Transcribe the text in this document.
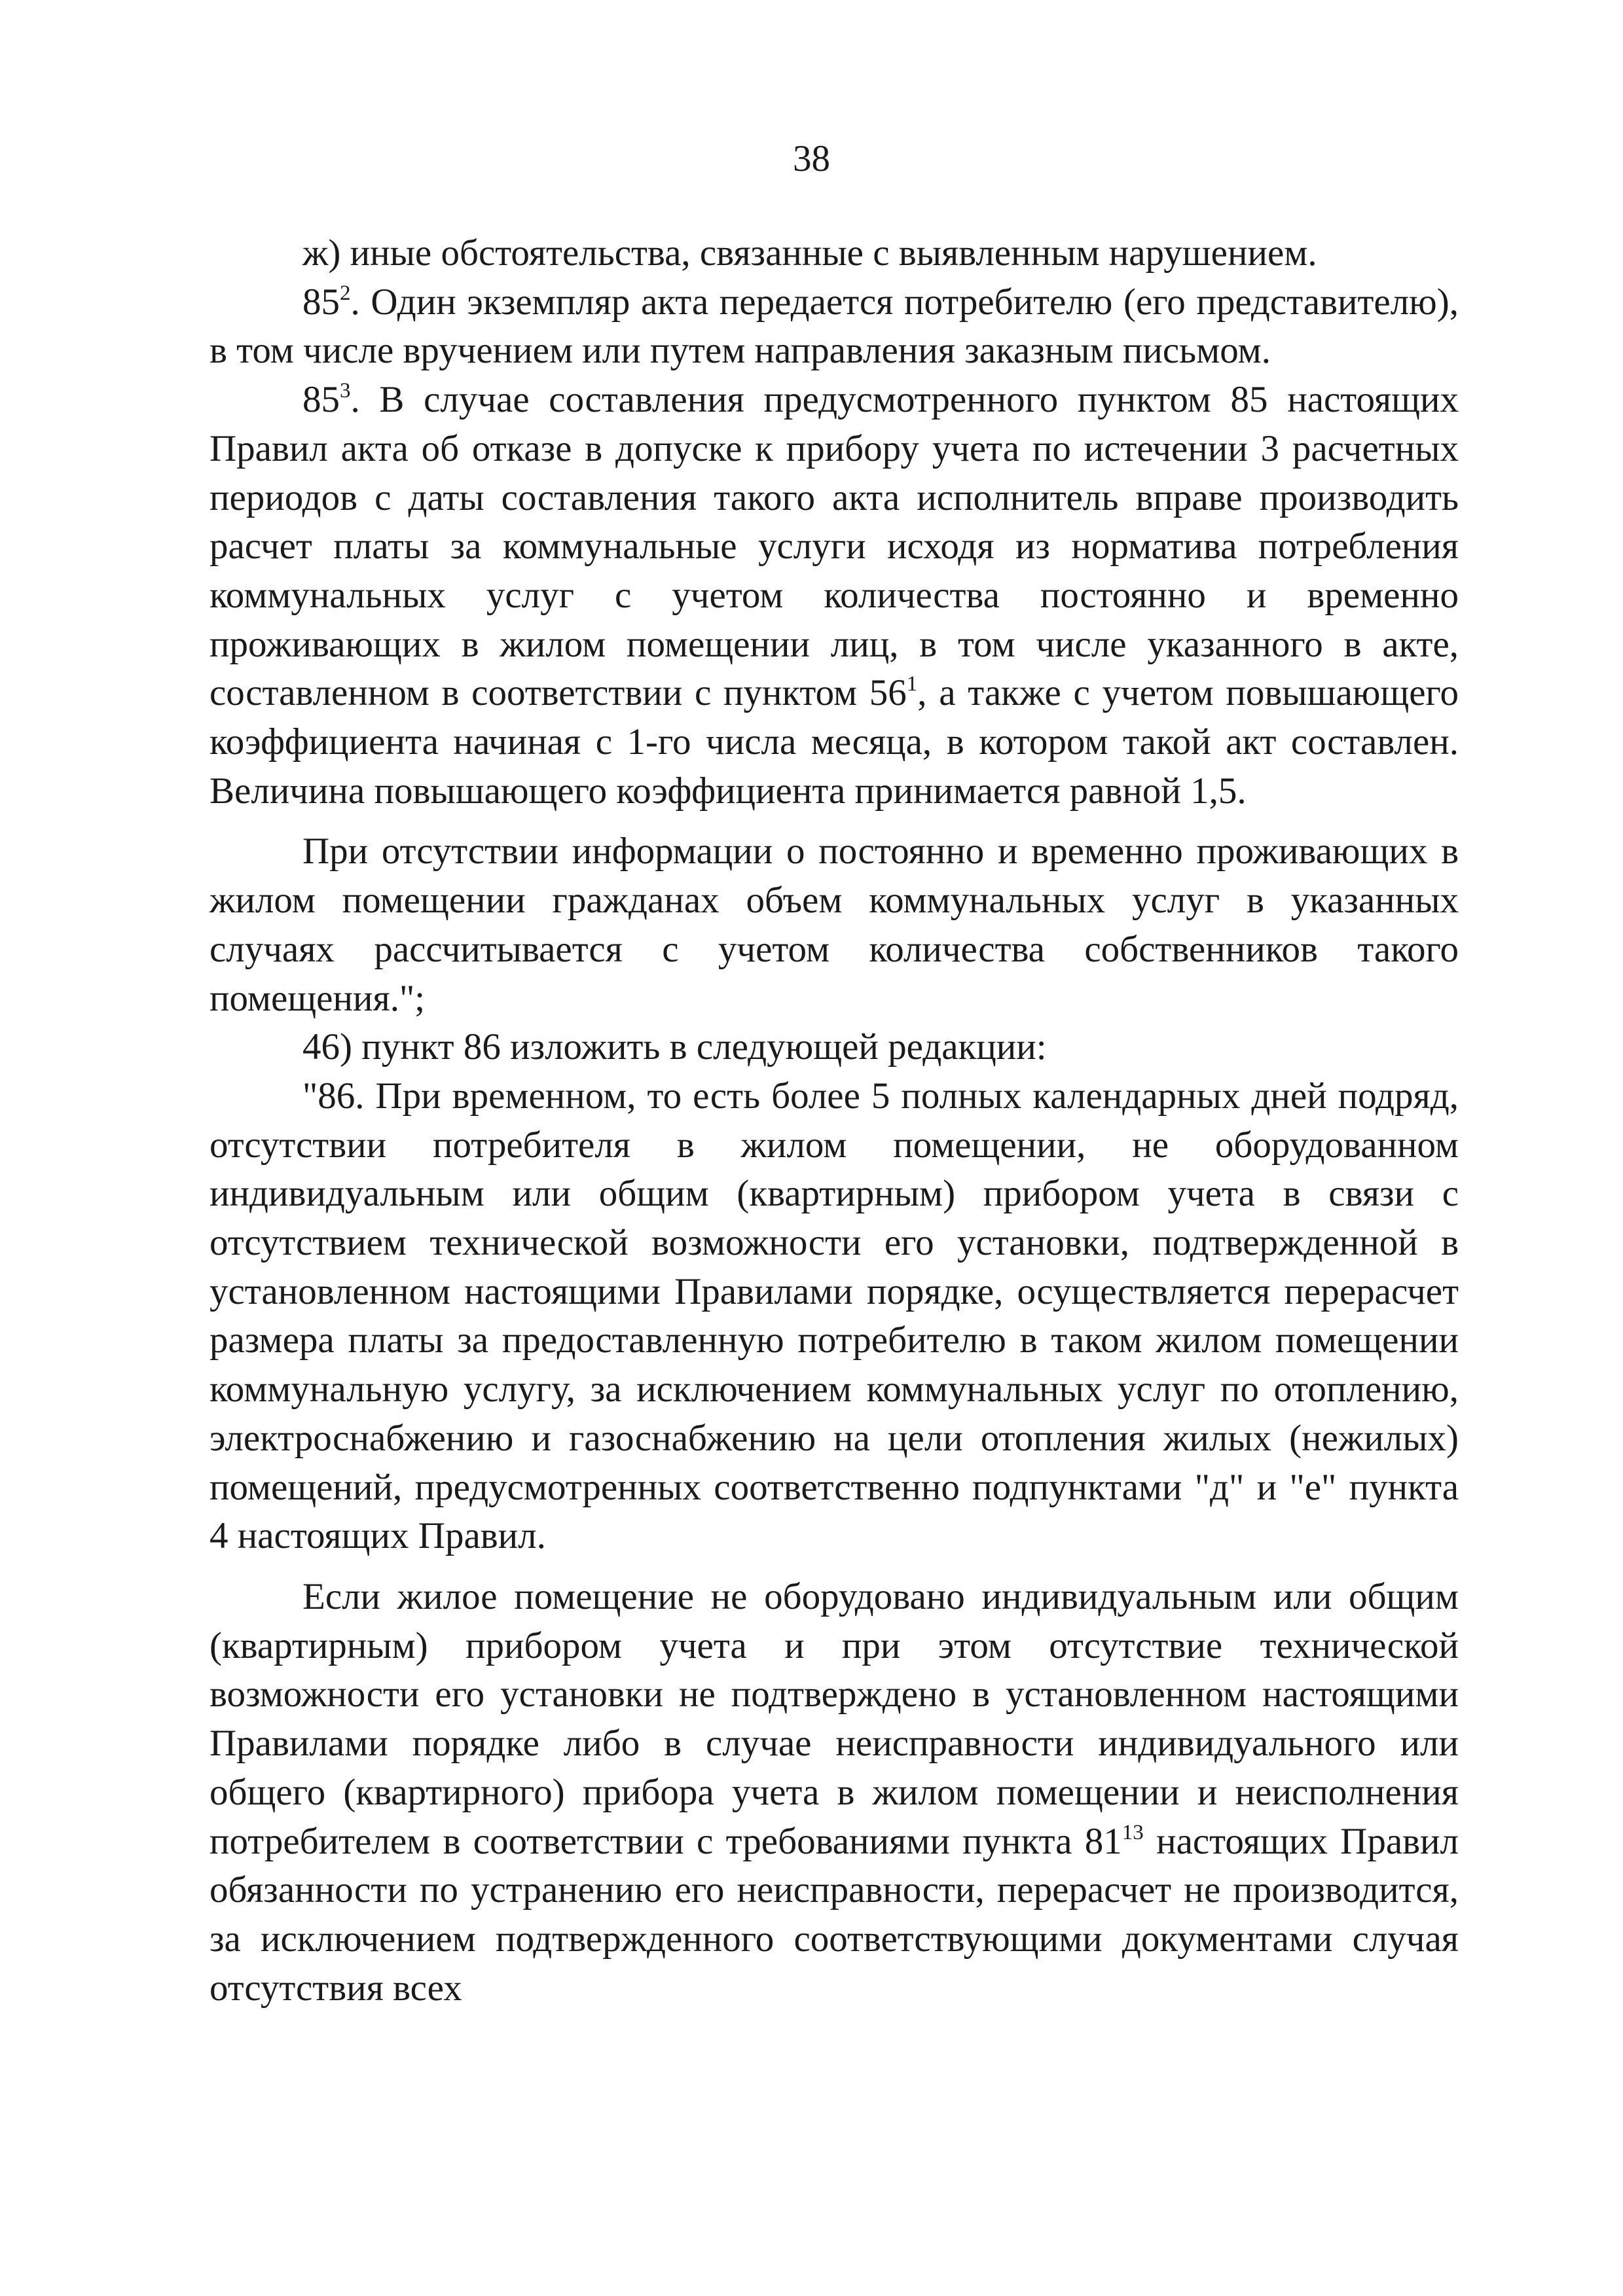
38

ж) иные обстоятельства, связанные с выявленным нарушением.

$85^2$. Один экземпляр акта передается потребителю (его представителю), в том числе вручением или путем направления заказным письмом.

$85^3$. В случае составления предусмотренного пунктом 85 настоящих Правил акта об отказе в допуске к прибору учета по истечении 3 расчетных периодов с даты составления такого акта исполнитель вправе производить расчет платы за коммунальные услуги исходя из норматива потребления коммунальных услуг с учетом количества постоянно и временно проживающих в жилом помещении лиц, в том числе указанного в акте, составленном в соответствии с пунктом $56^1$, а также с учетом повышающего коэффициента начиная с 1-го числа месяца, в котором такой акт составлен. Величина повышающего коэффициента принимается равной 1,5.

При отсутствии информации о постоянно и временно проживающих в жилом помещении гражданах объем коммунальных услуг в указанных случаях рассчитывается с учетом количества собственников такого помещения.";

46) пункт 86 изложить в следующей редакции:

"86. При временном, то есть более 5 полных календарных дней подряд, отсутствии потребителя в жилом помещении, не оборудованном индивидуальным или общим (квартирным) прибором учета в связи с отсутствием технической возможности его установки, подтвержденной в установленном настоящими Правилами порядке, осуществляется перерасчет размера платы за предоставленную потребителю в таком жилом помещении коммунальную услугу, за исключением коммунальных услуг по отоплению, электроснабжению и газоснабжению на цели отопления жилых (нежилых) помещений, предусмотренных соответственно подпунктами "д" и "е" пункта 4 настоящих Правил.

Если жилое помещение не оборудовано индивидуальным или общим (квартирным) прибором учета и при этом отсутствие технической возможности его установки не подтверждено в установленном настоящими Правилами порядке либо в случае неисправности индивидуального или общего (квартирного) прибора учета в жилом помещении и неисполнения потребителем в соответствии с требованиями пункта $81^{13}$ настоящих Правил обязанности по устранению его неисправности, перерасчет не производится, за исключением подтвержденного соответствующими документами случая отсутствия всех
